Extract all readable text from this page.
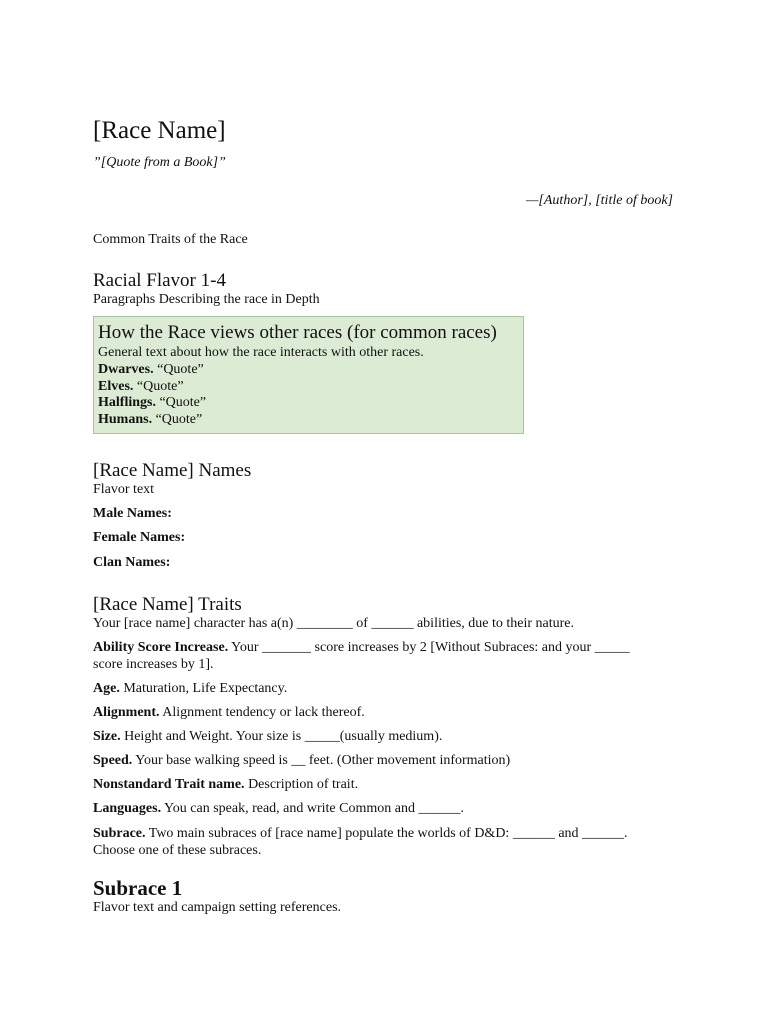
[Race Name]
”[Quote from a Book]”
—[Author], [title of book]
Common Traits of the Race
Racial Flavor 1-4
Paragraphs Describing the race in Depth
How the Race views other races (for common races)
General text about how the race interacts with other races.
Dwarves. “Quote”
Elves. “Quote”
Halflings. “Quote”
Humans. “Quote”
[Race Name] Names
Flavor text
Male Names:
Female Names:
Clan Names:
[Race Name] Traits
Your [race name] character has a(n) ________ of ______ abilities, due to their nature.
Ability Score Increase. Your _______ score increases by 2 [Without Subraces: and your _____ score increases by 1].
Age. Maturation, Life Expectancy.
Alignment. Alignment tendency or lack thereof.
Size. Height and Weight. Your size is _____(usually medium).
Speed. Your base walking speed is __ feet. (Other movement information)
Nonstandard Trait name. Description of trait.
Languages. You can speak, read, and write Common and ______.
Subrace. Two main subraces of [race name] populate the worlds of D&D: ______ and ______. Choose one of these subraces.
Subrace 1
Flavor text and campaign setting references.
